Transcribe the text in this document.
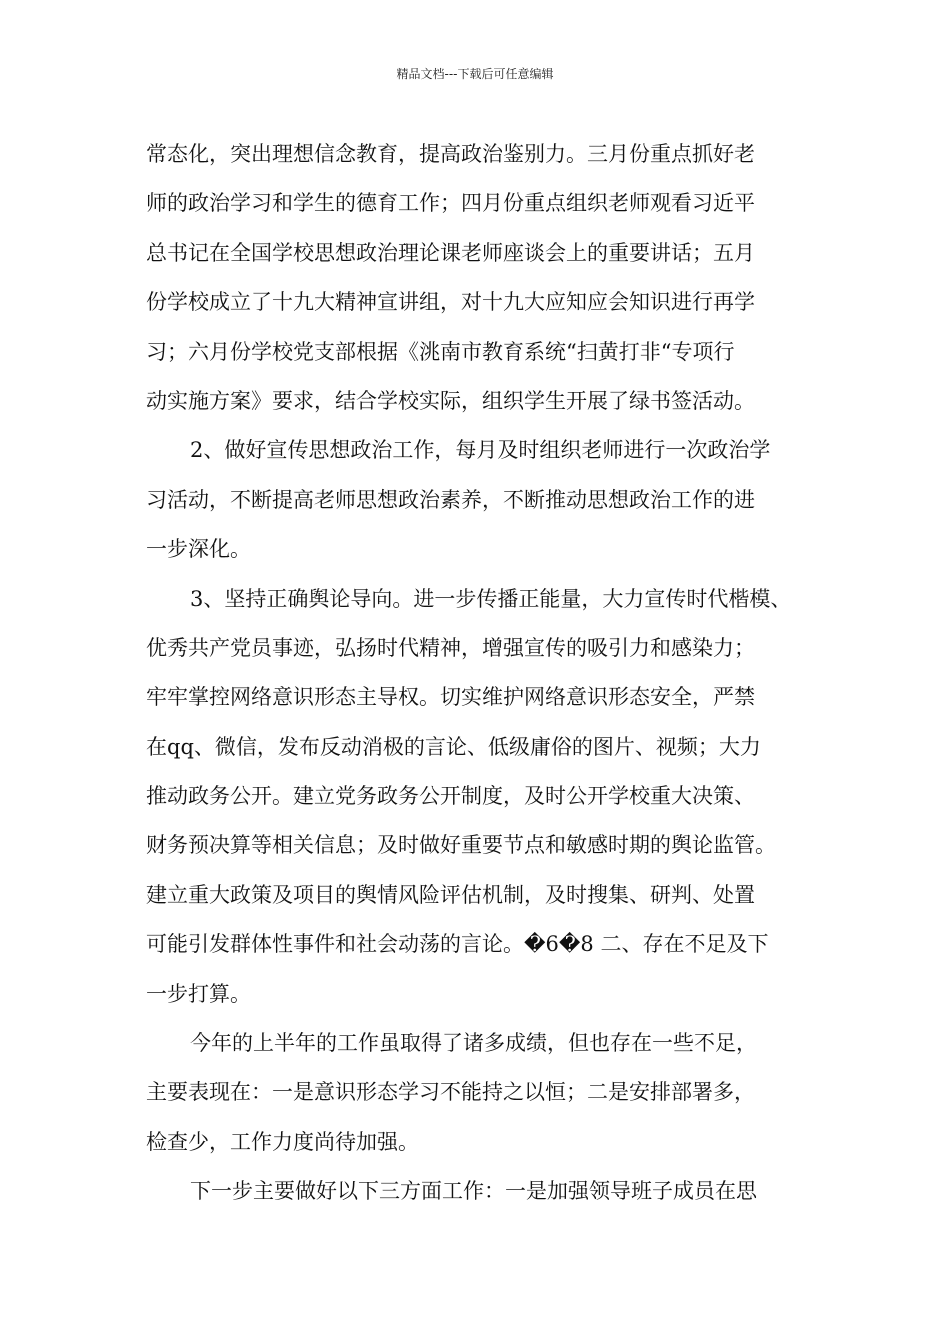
精品文档---下载后可任意编辑
常态化，突出理想信念教育，提高政治鉴别力。三月份重点抓好老
师的政治学习和学生的德育工作；四月份重点组织老师观看习近平
总书记在全国学校思想政治理论课老师座谈会上的重要讲话；五月
份学校成立了十九大精神宣讲组，对十九大应知应会知识进行再学
习；六月份学校党支部根据《洮南市教育系统“扫黄打非“专项行
动实施方案》要求，结合学校实际，组织学生开展了绿书签活动。
2、做好宣传思想政治工作，每月及时组织老师进行一次政治学
习活动，不断提高老师思想政治素养，不断推动思想政治工作的进
一步深化。
3、坚持正确舆论导向。进一步传播正能量，大力宣传时代楷模、
优秀共产党员事迹，弘扬时代精神，增强宣传的吸引力和感染力；
牢牢掌控网络意识形态主导权。切实维护网络意识形态安全，严禁
在qq、微信，发布反动消极的言论、低级庸俗的图片、视频；大力
推动政务公开。建立党务政务公开制度，及时公开学校重大决策、
财务预决算等相关信息；及时做好重要节点和敏感时期的舆论监管。
建立重大政策及项目的舆情风险评估机制，及时搜集、研判、处置
可能引发群体性事件和社会动荡的言论。�6�8 二、存在不足及下
一步打算。
今年的上半年的工作虽取得了诸多成绩，但也存在一些不足，
主要表现在：一是意识形态学习不能持之以恒；二是安排部署多，
检查少，工作力度尚待加强。
下一步主要做好以下三方面工作：一是加强领导班子成员在思
